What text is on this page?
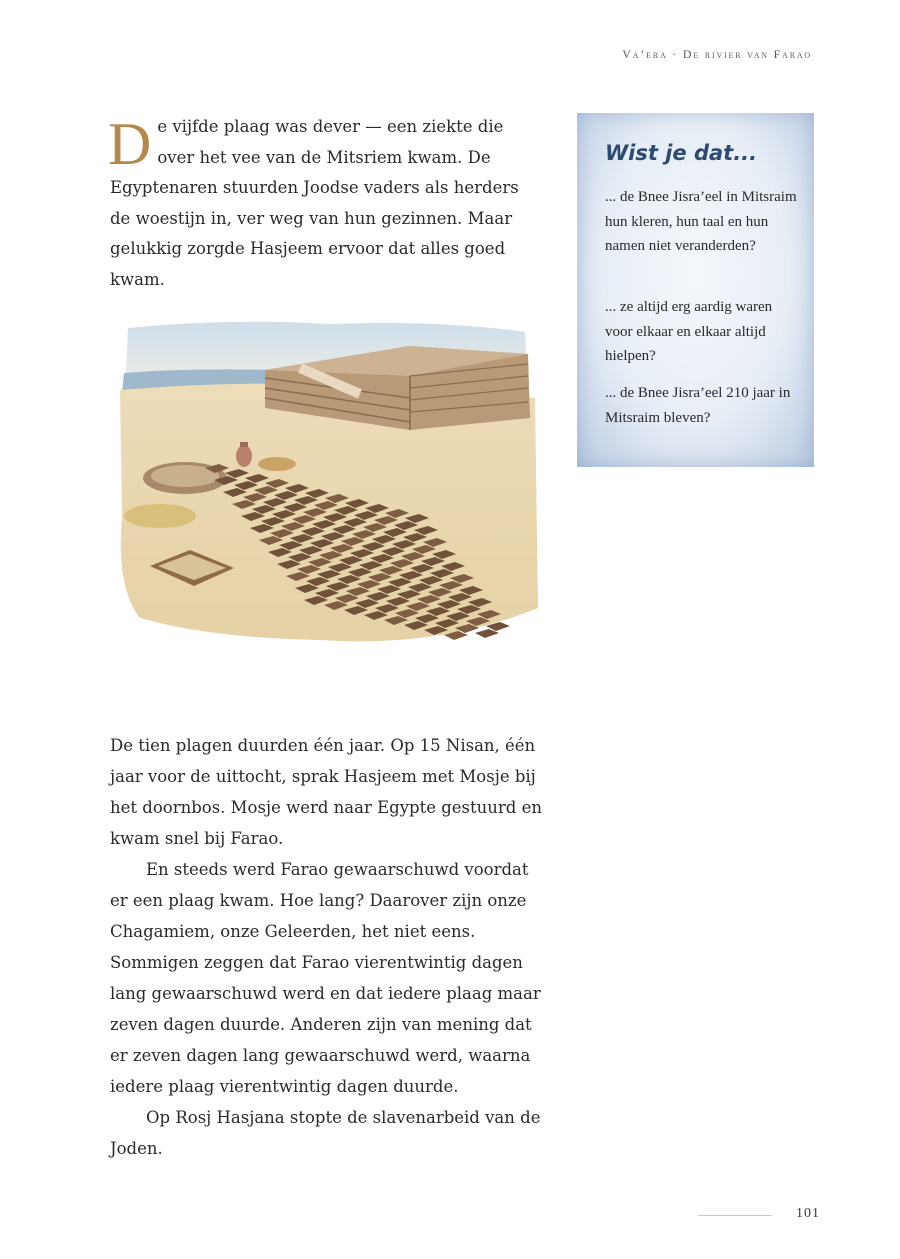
Va’era · De rivier van Farao
D e vijfde plaag was dever — een ziekte die over het vee van de Mitsriem kwam. De Egyptenaren stuurden Joodse vaders als herders de woestijn in, ver weg van hun gezinnen. Maar gelukkig zorgde Hasjeem ervoor dat alles goed kwam.
Wist je dat...
... de Bnee Jisra’eel in Mitsraim hun kleren, hun taal en hun namen niet veranderden?
... ze altijd erg aardig waren voor elkaar en elkaar altijd hielpen?
... de Bnee Jisra’eel 210 jaar in Mitsraim bleven?

De tien plagen duurden één jaar. Op 15 Nisan, één jaar voor de uittocht, sprak Hasjeem met Mosje bij het doornbos. Mosje werd naar Egypte gestuurd en kwam snel bij Farao.

En steeds werd Farao gewaarschuwd voordat er een plaag kwam. Hoe lang? Daarover zijn onze Chagamiem, onze Geleerden, het niet eens. Sommigen zeggen dat Farao vierentwintig dagen lang gewaarschuwd werd en dat iedere plaag maar zeven dagen duurde. Anderen zijn van mening dat er zeven dagen lang gewaarschuwd werd, waarna iedere plaag vierentwintig dagen duurde.

Op Rosj Hasjana stopte de slavenarbeid van de Joden.

101
